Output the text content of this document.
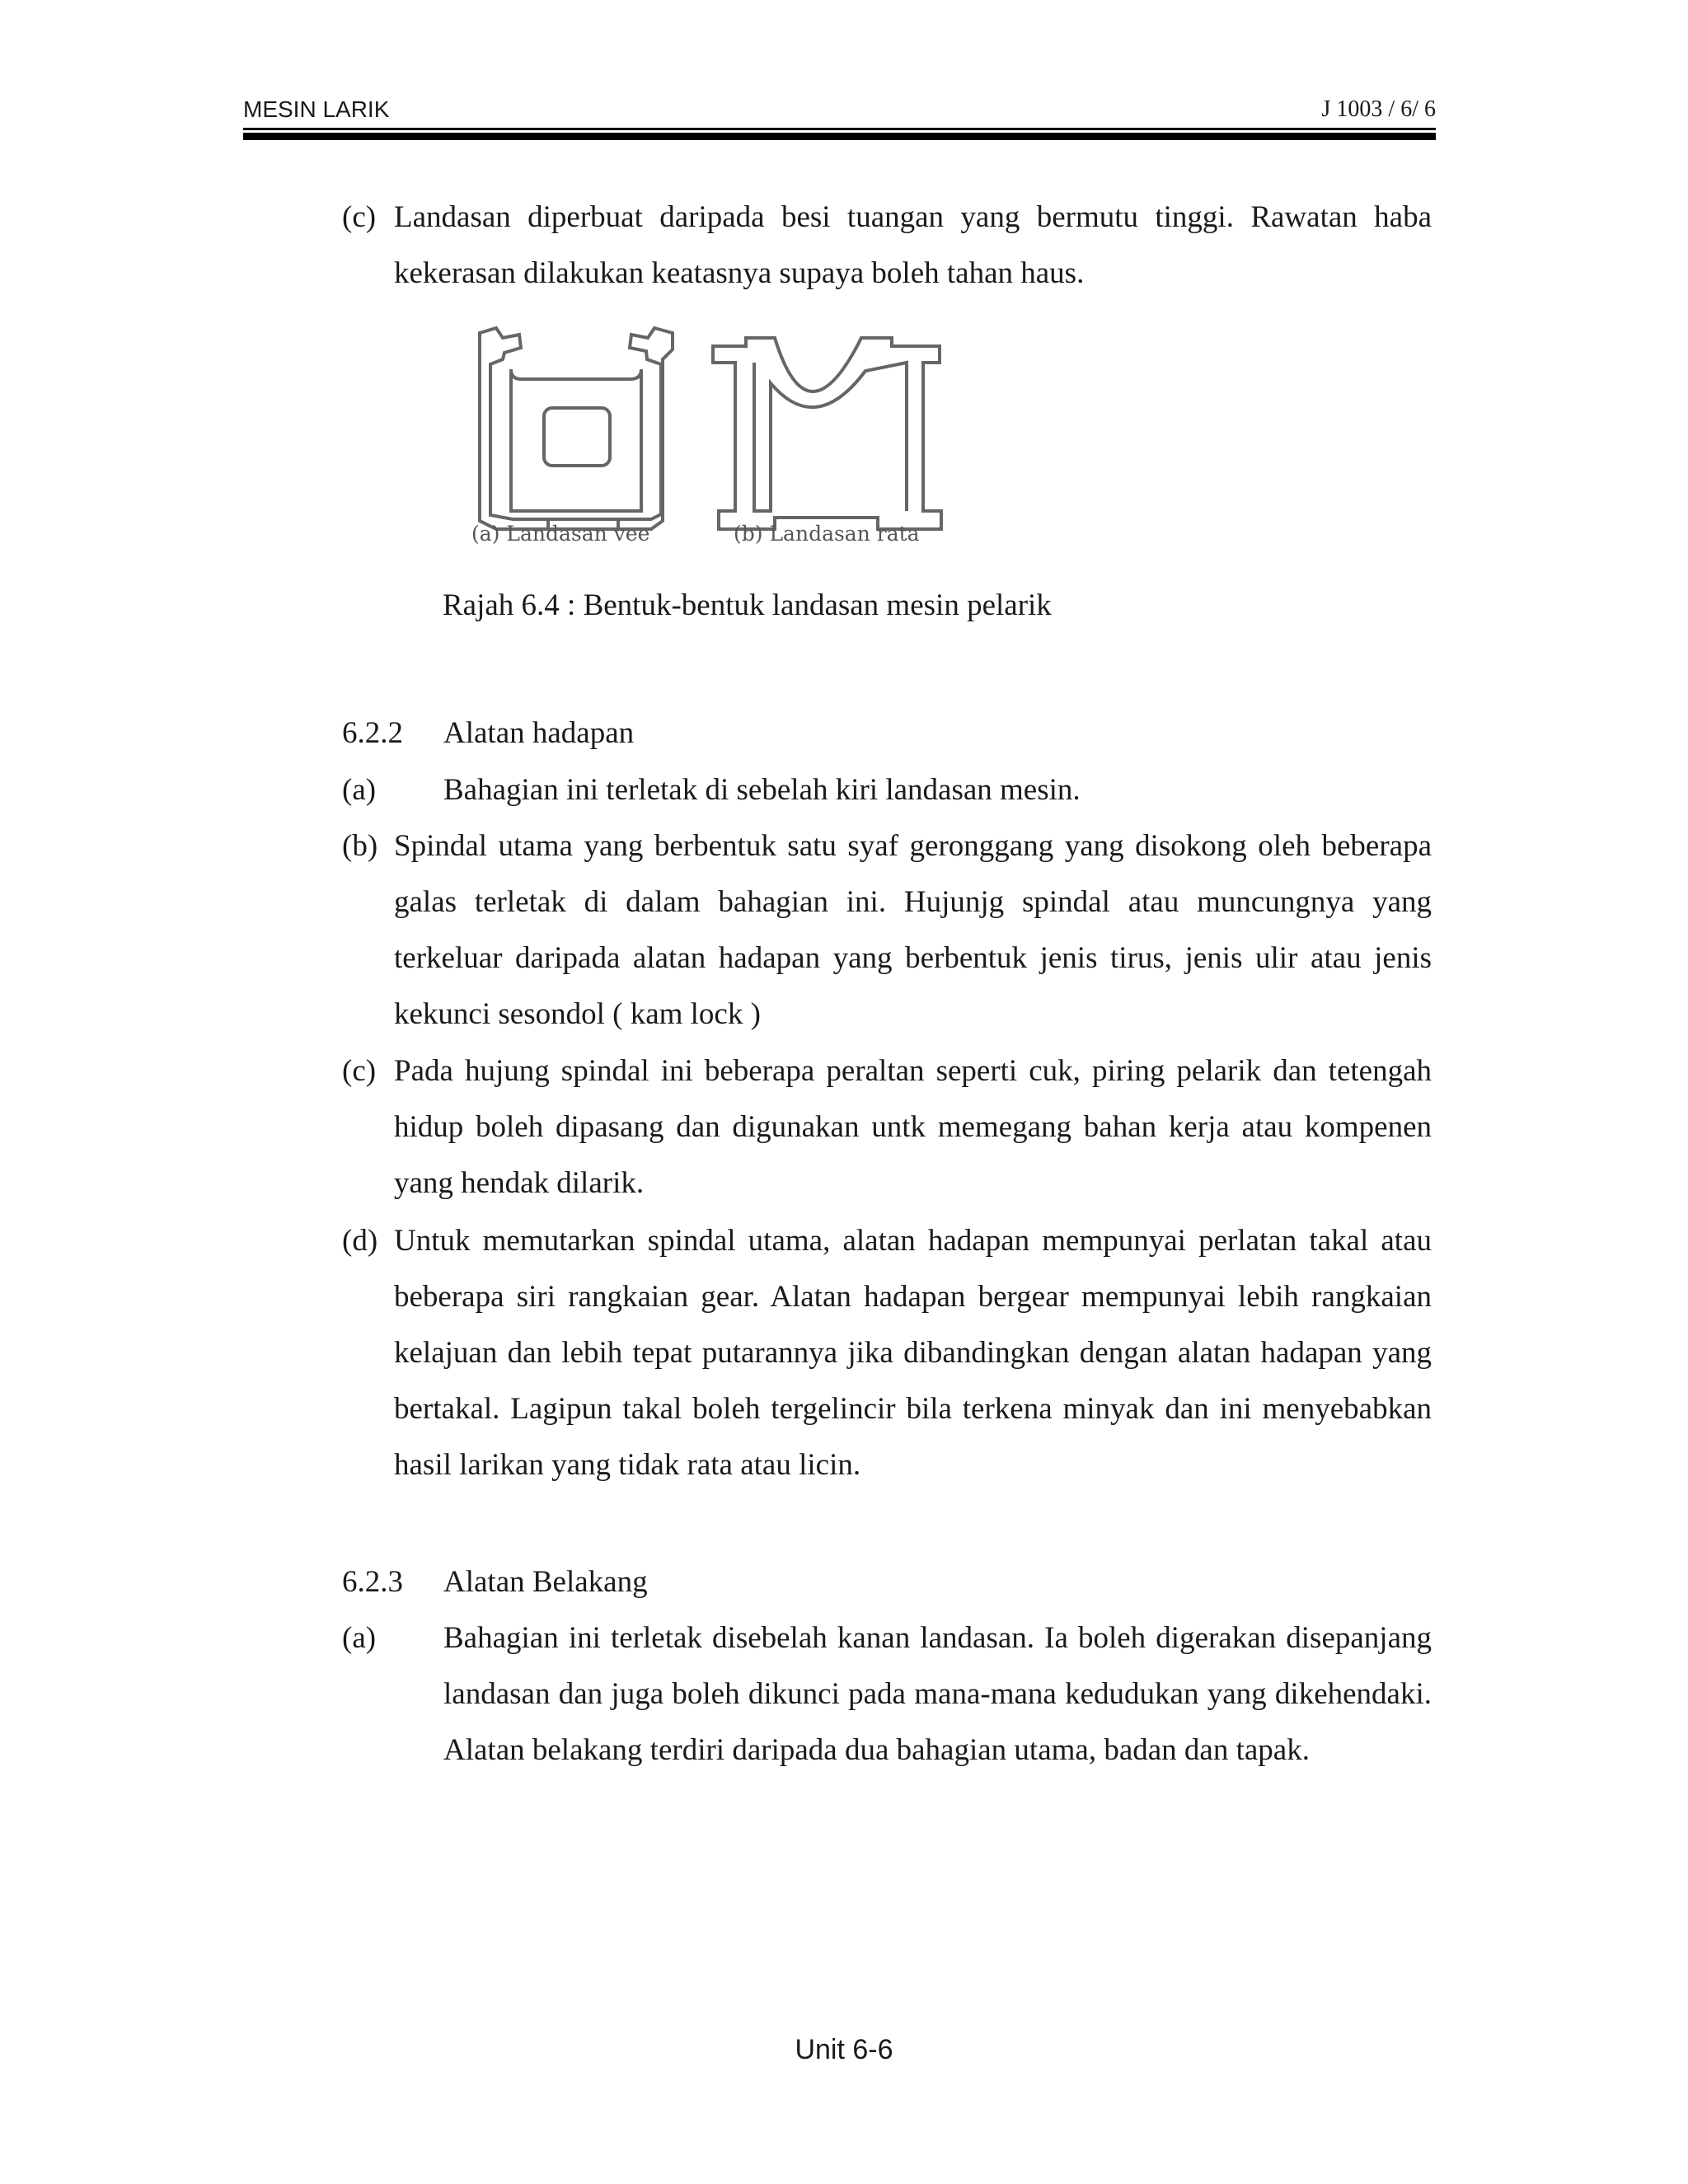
MESIN LARIK	J 1003 / 6/ 6
(c) Landasan diperbuat daripada besi tuangan yang bermutu tinggi. Rawatan haba kekerasan dilakukan keatasnya supaya boleh tahan haus.
(a) Landasan vee	(b) Landasan rata
Rajah 6.4 : Bentuk-bentuk landasan mesin pelarik
6.2.2 Alatan hadapan
(a) Bahagian ini terletak di sebelah kiri landasan mesin.
(b) Spindal utama yang berbentuk satu syaf geronggang yang disokong oleh beberapa galas terletak di dalam bahagian ini. Hujunjg spindal atau muncungnya yang terkeluar daripada alatan hadapan yang berbentuk jenis tirus, jenis ulir atau jenis kekunci sesondol ( kam lock )
(c) Pada hujung spindal ini beberapa peraltan seperti cuk, piring pelarik dan tetengah hidup boleh dipasang dan digunakan untk memegang bahan kerja atau kompenen yang hendak dilarik.
(d) Untuk memutarkan spindal utama, alatan hadapan mempunyai perlatan takal atau beberapa siri rangkaian gear. Alatan hadapan bergear mempunyai lebih rangkaian kelajuan dan lebih tepat putarannya jika dibandingkan dengan alatan hadapan yang bertakal. Lagipun takal boleh tergelincir bila terkena minyak dan ini menyebabkan hasil larikan yang tidak rata atau licin.
6.2.3 Alatan Belakang
(a) Bahagian ini terletak disebelah kanan landasan. Ia boleh digerakan disepanjang landasan dan juga boleh dikunci pada mana-mana kedudukan yang dikehendaki. Alatan belakang terdiri daripada dua bahagian utama, badan dan tapak.
Unit 6-6
